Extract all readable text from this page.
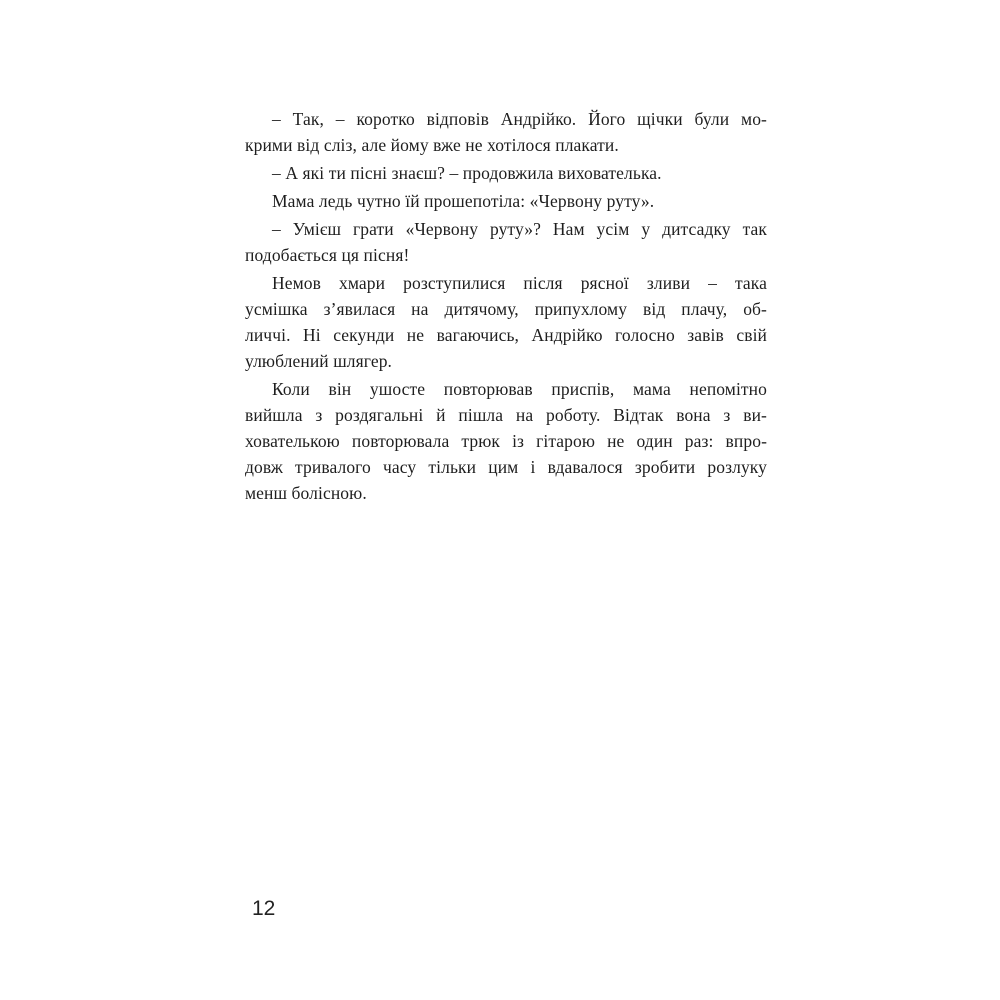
– Так, – коротко відповів Андрійко. Його щічки були мо-
крими від сліз, але йому вже не хотілося плакати.

– А які ти пісні знаєш? – продовжила вихователька.

Мама ледь чутно їй прошепотіла: «Червону руту».

– Умієш грати «Червону руту»? Нам усім у дитсадку так
подобається ця пісня!

Немов хмари розступилися після рясної зливи – така
усмішка з’явилася на дитячому, припухлому від плачу, об-
личчі. Ні секунди не вагаючись, Андрійко голосно завів свій
улюблений шлягер.

Коли він ушосте повторював приспів, мама непомітно
вийшла з роздягальні й пішла на роботу. Відтак вона з ви-
хователькою повторювала трюк із гітарою не один раз: впро-
довж тривалого часу тільки цим і вдавалося зробити розлуку
менш болісною.

12
